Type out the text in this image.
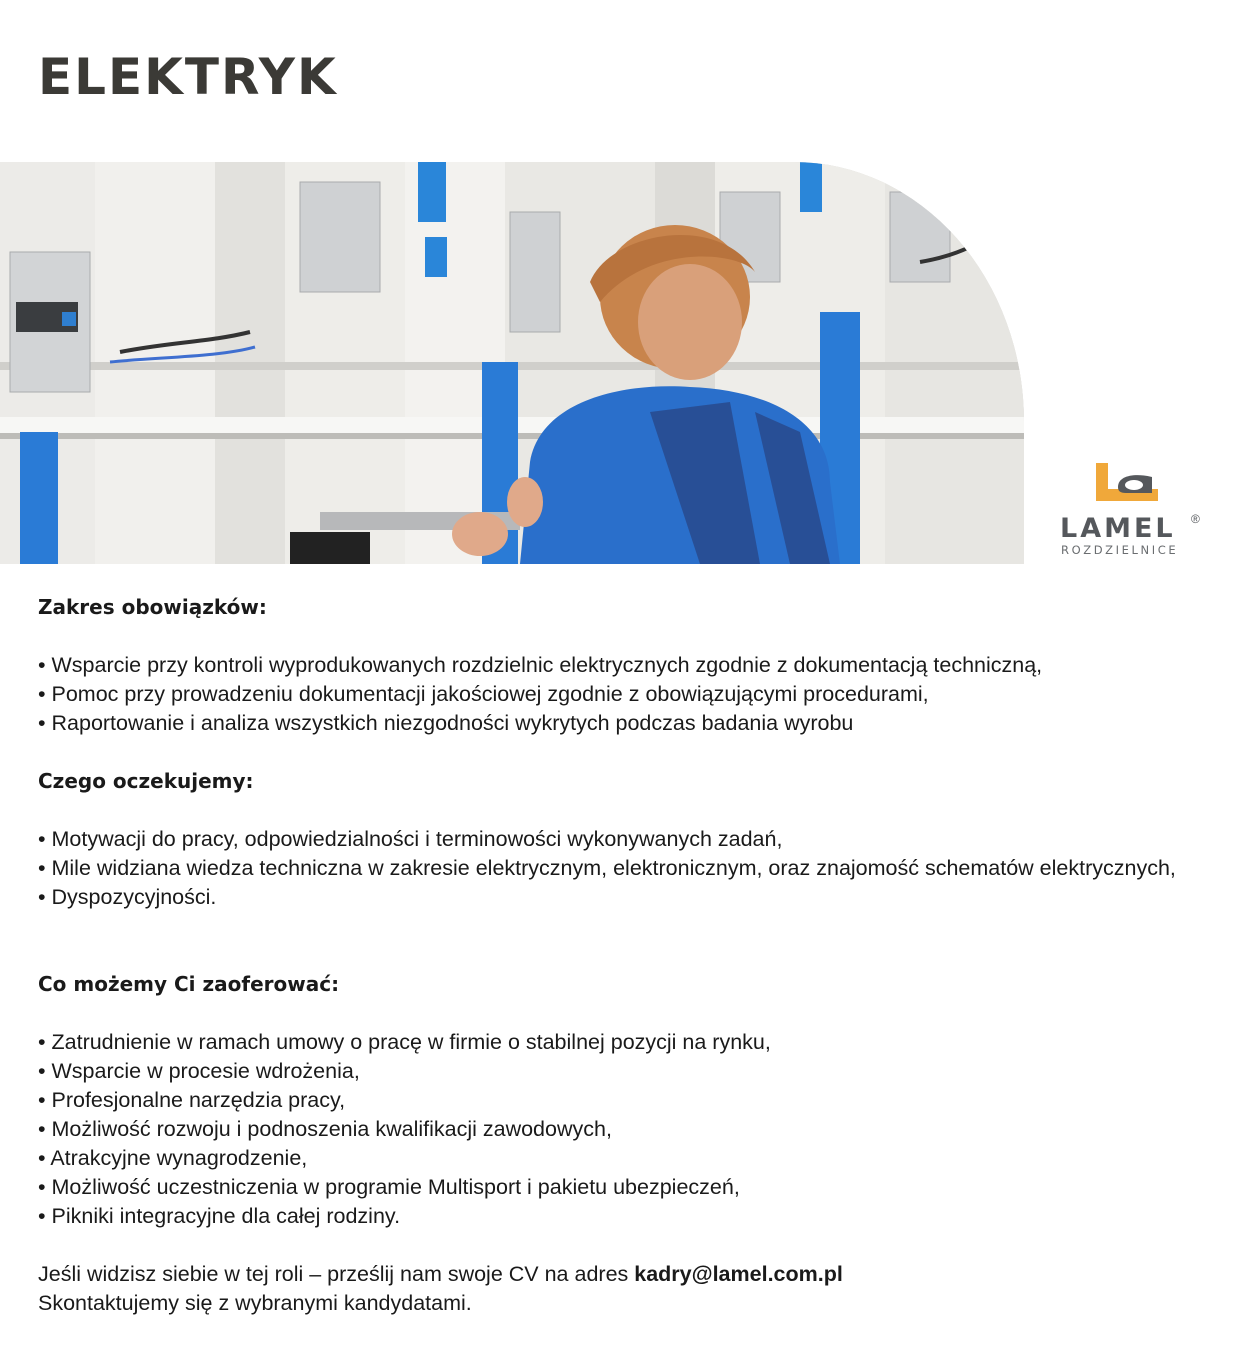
ELEKTRYK
LAMEL ®
ROZDZIELNICE
Zakres obowiązków:
• Wsparcie przy kontroli wyprodukowanych rozdzielnic elektrycznych zgodnie z dokumentacją techniczną,
• Pomoc przy prowadzeniu dokumentacji jakościowej zgodnie z obowiązującymi procedurami,
• Raportowanie i analiza wszystkich niezgodności wykrytych podczas badania wyrobu
Czego oczekujemy:
• Motywacji do pracy, odpowiedzialności i terminowości wykonywanych zadań,
• Mile widziana wiedza techniczna w zakresie elektrycznym, elektronicznym, oraz znajomość schematów elektrycznych,
• Dyspozycyjności.
Co możemy Ci zaoferować:
• Zatrudnienie w ramach umowy o pracę w firmie o stabilnej pozycji na rynku,
• Wsparcie w procesie wdrożenia,
• Profesjonalne narzędzia pracy,
• Możliwość rozwoju i podnoszenia kwalifikacji zawodowych,
• Atrakcyjne wynagrodzenie,
• Możliwość uczestniczenia w programie Multisport i pakietu ubezpieczeń,
• Pikniki integracyjne dla całej rodziny.

Jeśli widzisz siebie w tej roli – prześlij nam swoje CV na adres kadry@lamel.com.pl

Skontaktujemy się z wybranymi kandydatami.
